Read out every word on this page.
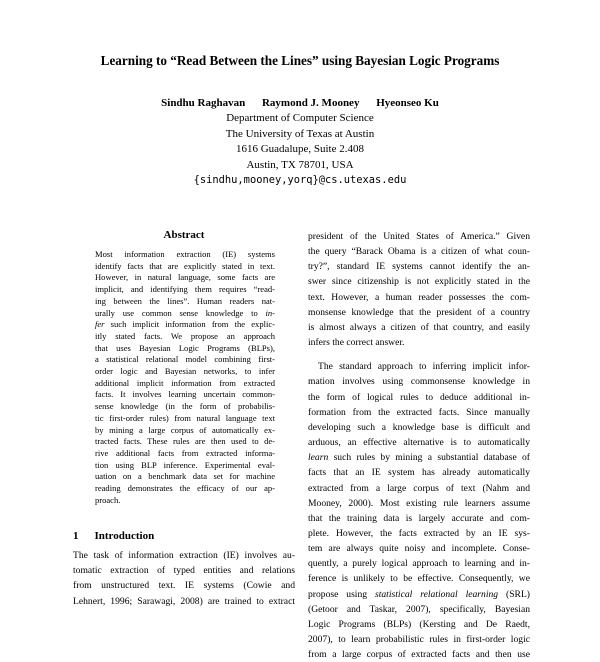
Learning to “Read Between the Lines” using Bayesian Logic Programs
Sindhu Raghavan Raymond J. Mooney Hyeonseo Ku
Department of Computer Science
The University of Texas at Austin
1616 Guadalupe, Suite 2.408
Austin, TX 78701, USA
{sindhu,mooney,yorq}@cs.utexas.edu
Abstract
Most information extraction (IE) systems
identify facts that are explicitly stated in text.
However, in natural language, some facts are
implicit, and identifying them requires “read-
ing between the lines”. Human readers nat-
urally use common sense knowledge to in-
fer such implicit information from the explic-
itly stated facts. We propose an approach
that uses Bayesian Logic Programs (BLPs),
a statistical relational model combining first-
order logic and Bayesian networks, to infer
additional implicit information from extracted
facts. It involves learning uncertain common-
sense knowledge (in the form of probabilis-
tic first-order rules) from natural language text
by mining a large corpus of automatically ex-
tracted facts. These rules are then used to de-
rive additional facts from extracted informa-
tion using BLP inference. Experimental eval-
uation on a benchmark data set for machine
reading demonstrates the efficacy of our ap-
proach.
1 Introduction
The task of information extraction (IE) involves au-
tomatic extraction of typed entities and relations
from unstructured text. IE systems (Cowie and
Lehnert, 1996; Sarawagi, 2008) are trained to extract
president of the United States of America.” Given
the query “Barack Obama is a citizen of what coun-
try?”, standard IE systems cannot identify the an-
swer since citizenship is not explicitly stated in the
text. However, a human reader possesses the com-
monsense knowledge that the president of a country
is almost always a citizen of that country, and easily
infers the correct answer.
The standard approach to inferring implicit infor-
mation involves using commonsense knowledge in
the form of logical rules to deduce additional in-
formation from the extracted facts. Since manually
developing such a knowledge base is difficult and
arduous, an effective alternative is to automatically
learn such rules by mining a substantial database of
facts that an IE system has already automatically
extracted from a large corpus of text (Nahm and
Mooney, 2000). Most existing rule learners assume
that the training data is largely accurate and com-
plete. However, the facts extracted by an IE sys-
tem are always quite noisy and incomplete. Conse-
quently, a purely logical approach to learning and in-
ference is unlikely to be effective. Consequently, we
propose using statistical relational learning (SRL)
(Getoor and Taskar, 2007), specifically, Bayesian
Logic Programs (BLPs) (Kersting and De Raedt,
2007), to learn probabilistic rules in first-order logic
from a large corpus of extracted facts and then use
